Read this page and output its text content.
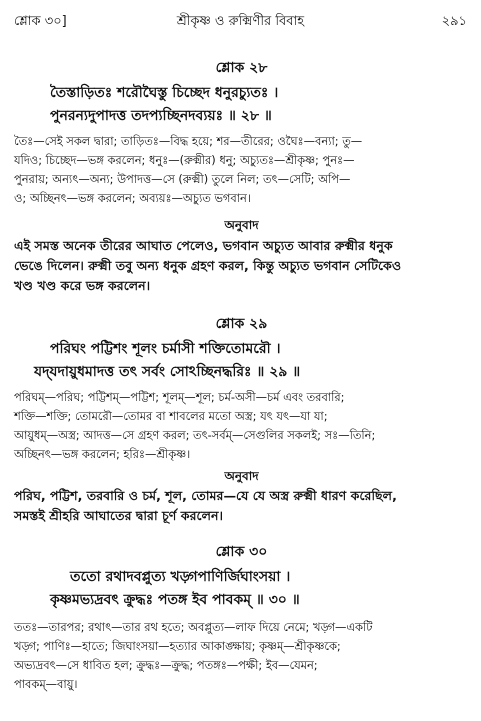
শ্লোক ৩০]	শ্রীকৃষ্ণ ও রুক্মিণীর বিবাহ	২৯১
শ্লোক ২৮
তৈস্তাড়িতঃ শরৌঘৈস্তু চিচ্ছেদ ধনুরচ্যুতঃ ।
পুনরন্যদুপাদত্ত তদপ্যচ্ছিনদব্যয়ঃ ॥ ২৮ ॥
তৈঃ—সেই সকল দ্বারা; তাড়িতঃ—বিদ্ধ হয়ে; শর—তীরের; ওঘৈঃ—বন্যা; তু—
যদিও; চিচ্ছেদ—ভঙ্গ করলেন; ধনুঃ—(রুক্মীর) ধনু; অচ্যুতঃ—শ্রীকৃষ্ণ; পুনঃ—
পুনরায়; অন্যৎ—অন্য; উপাদত্ত—সে (রুক্মী) তুলে নিল; তৎ—সেটি; অপি—
ও; অচ্ছিনৎ—ভঙ্গ করলেন; অব্যয়ঃ—অচ্যুত ভগবান।
অনুবাদ
এই সমস্ত অনেক তীরের আঘাত পেলেও, ভগবান অচ্যুত আবার রুক্মীর ধনুক
ভেঙে দিলেন। রুক্মী তবু অন্য ধনুক গ্রহণ করল, কিন্তু অচ্যুত ভগবান সেটিকেও
খণ্ড খণ্ড করে ভঙ্গ করলেন।
শ্লোক ২৯
পরিঘং পট্টিশং শূলং চর্মাসী শক্তিতোমরৌ ।
যদ্‌যদায়ুধমাদত্ত তৎ সর্বং সোঽচ্ছিনদ্ধরিঃ ॥ ২৯ ॥
পরিঘম্—পরিঘ; পট্টিশম্—পট্টিশ; শূলম্—শূল; চর্ম-অসী—চর্ম এবং তরবারি;
শক্তি—শক্তি; তোমরৌ—তোমর বা শাবলের মতো অস্ত্র; যৎ যৎ—যা যা;
আয়ুধম্—অস্ত্র; আদত্ত—সে গ্রহণ করল; তৎ-সর্বম্—সেগুলির সকলই; সঃ—তিনি;
অচ্ছিনৎ—ভঙ্গ করলেন; হরিঃ—শ্রীকৃষ্ণ।
অনুবাদ
পরিঘ, পট্টিশ, তরবারি ও চর্ম, শূল, তোমর—যে যে অস্ত্র রুক্মী ধারণ করেছিল,
সমস্তই শ্রীহরি আঘাতের দ্বারা চূর্ণ করলেন।
শ্লোক ৩০
ততো রথাদবপ্লুত্য খড়্গপাণির্জিঘাংসয়া ।
কৃষ্ণমভ্যদ্রবৎ ক্রুদ্ধঃ পতঙ্গ ইব পাবকম্ ॥ ৩০ ॥
ততঃ—তারপর; রথাৎ—তার রথ হতে; অবপ্লুত্য—লাফ দিয়ে নেমে; খড়্গ—একটি
খড়্গ; পাণিঃ—হাতে; জিঘাংসয়া—হত্যার আকাঙ্ক্ষায়; কৃষ্ণম্—শ্রীকৃষ্ণকে;
অভ্যদ্রবৎ—সে ধাবিত হল; ক্রুদ্ধঃ—ক্রুদ্ধ; পতঙ্গঃ—পক্ষী; ইব—যেমন;
পাবকম্—বায়ু।
